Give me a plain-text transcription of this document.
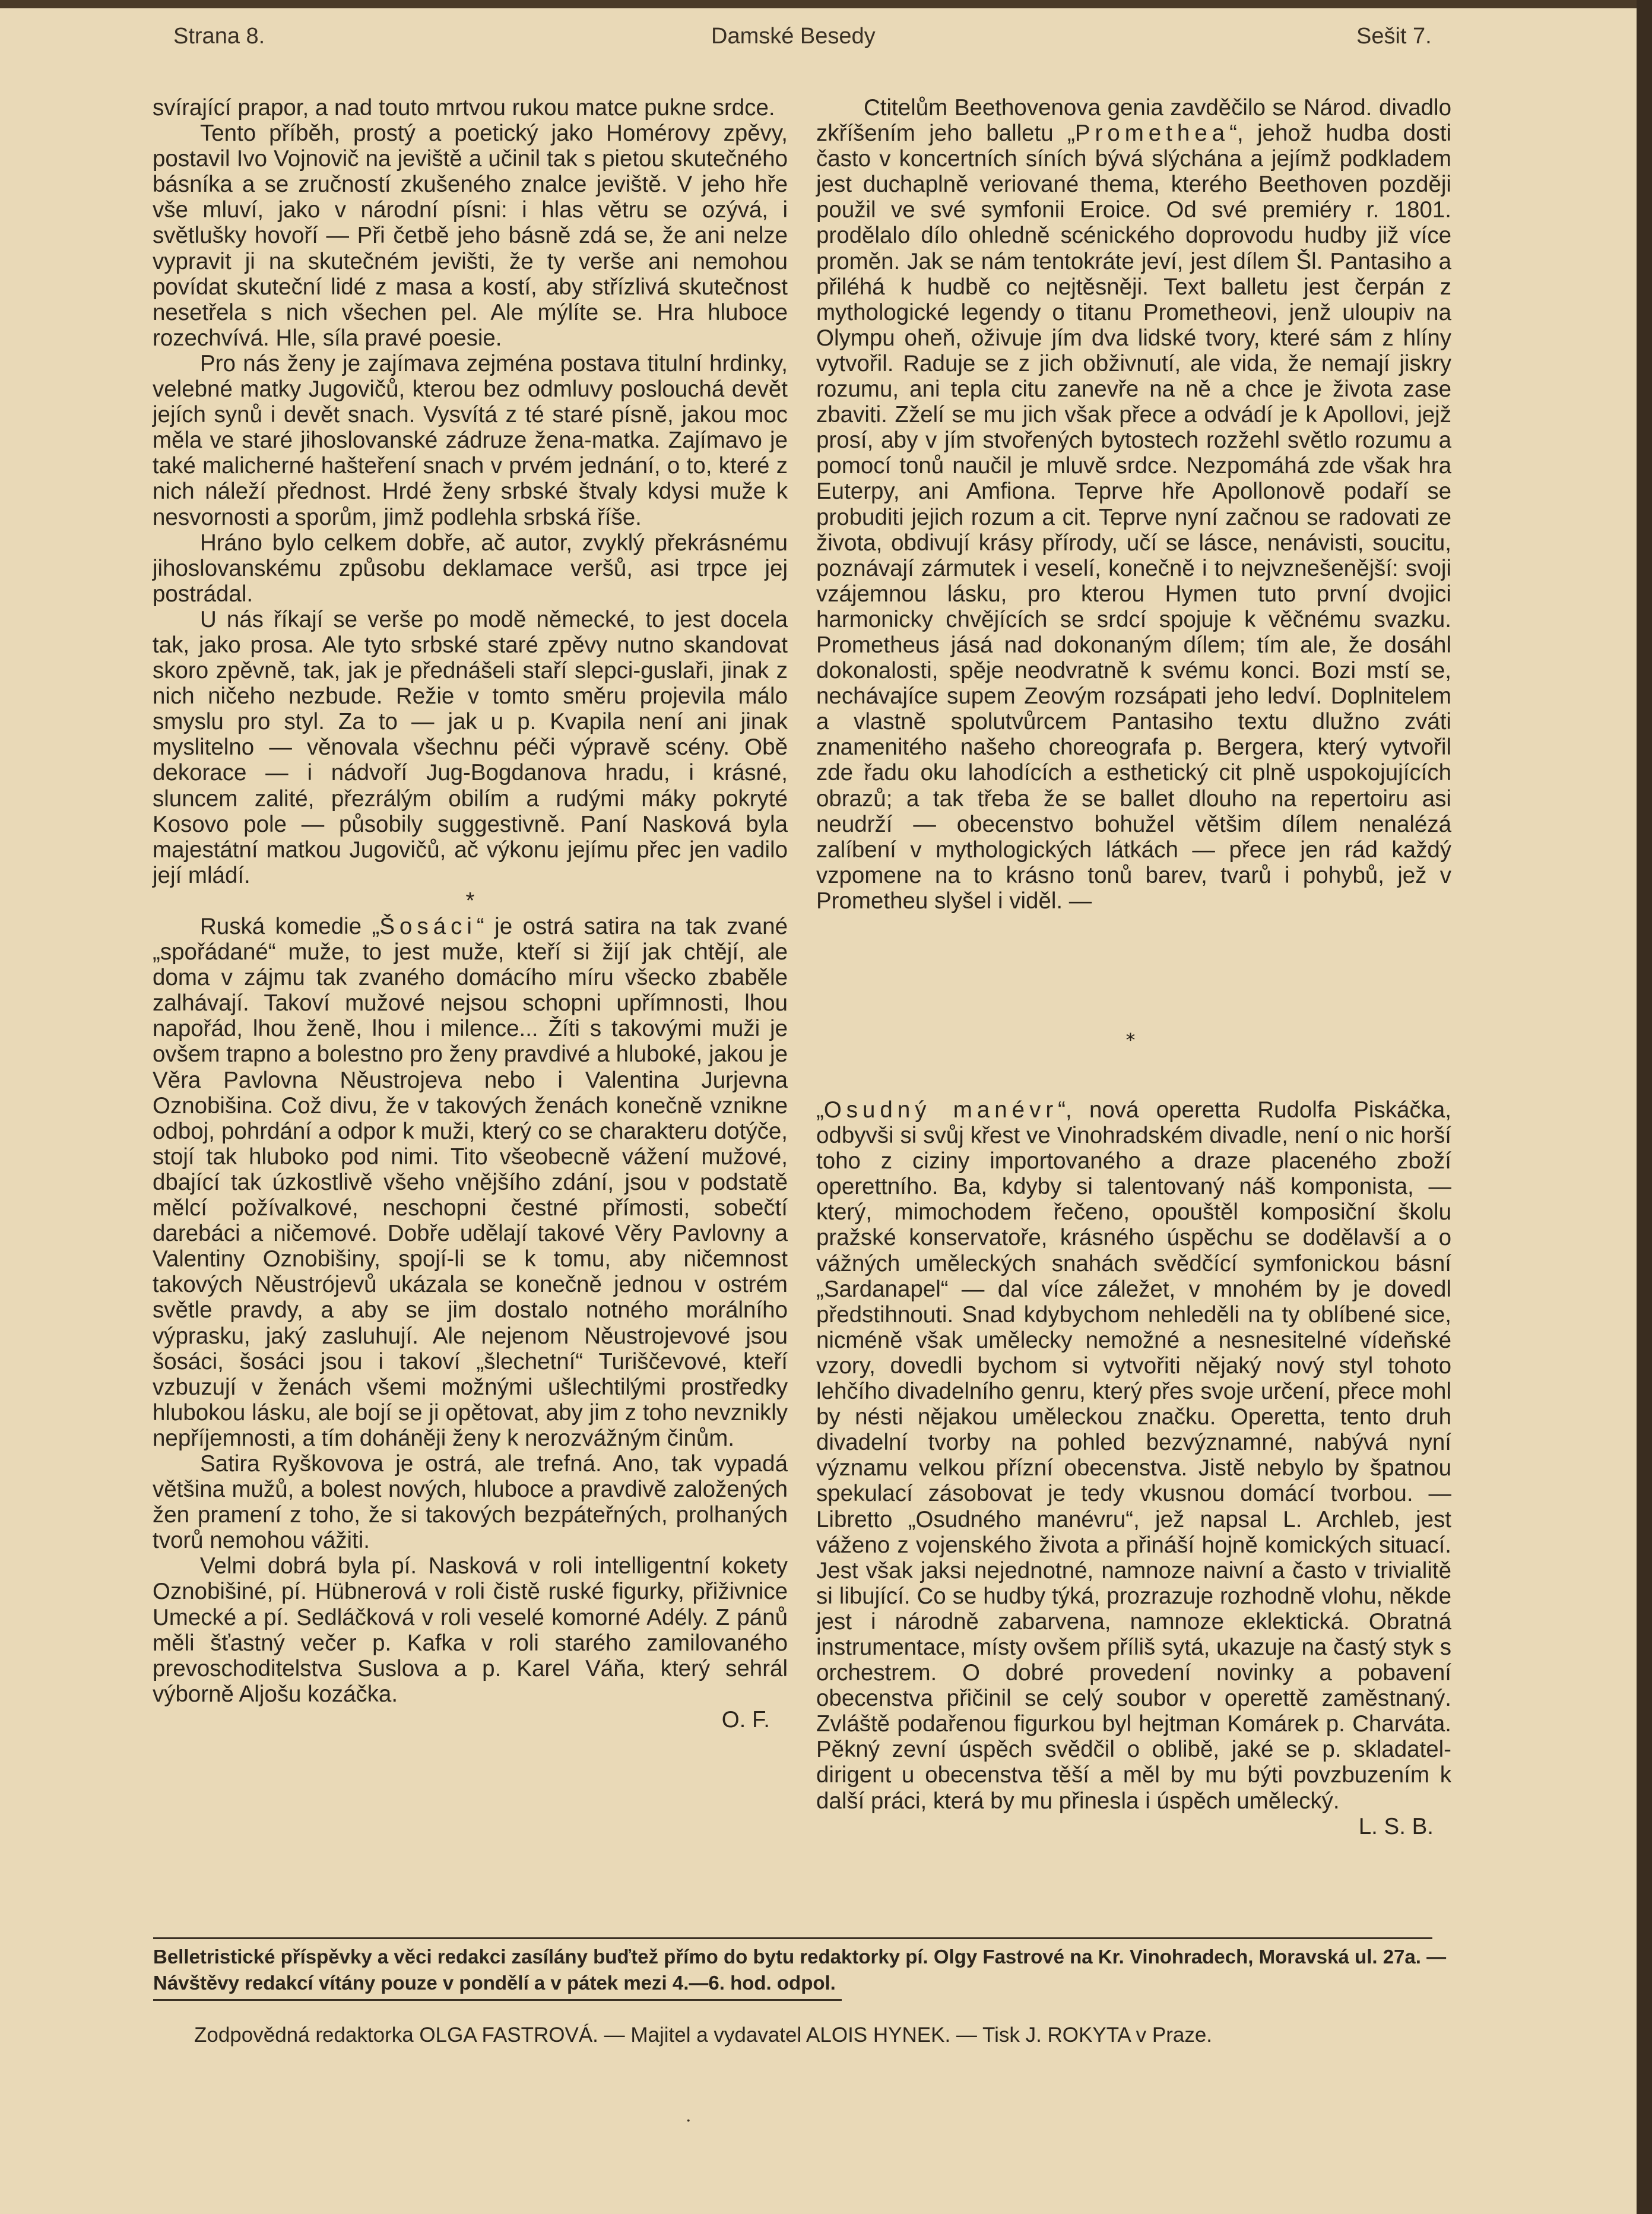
Strana 8.	Damské Besedy	Sešit 7.

svírající prapor, a nad touto mrtvou rukou matce pukne srdce.

Tento příběh, prostý a poetický jako Homérovy zpěvy, postavil Ivo Vojnovič na jeviště a učinil tak s pietou skutečného básníka a se zručností zkušeného znalce jeviště. V jeho hře vše mluví, jako v národní písni: i hlas větru se ozývá, i světlušky hovoří — Při četbě jeho básně zdá se, že ani nelze vypravit ji na skutečném jevišti, že ty verše ani nemohou povídat skuteční lidé z masa a kostí, aby střízlivá skutečnost nesetřela s nich všechen pel. Ale mýlíte se. Hra hluboce rozechvívá. Hle, síla pravé poesie.

Pro nás ženy je zajímava zejména postava titulní hrdinky, velebné matky Jugovičů, kterou bez odmluvy poslouchá devět jejích synů i devět snach. Vysvítá z té staré písně, jakou moc měla ve staré jihoslovanské zádruze žena-matka. Zajímavo je také malicherné hašteření snach v prvém jednání, o to, které z nich náleží přednost. Hrdé ženy srbské štvaly kdysi muže k nesvornosti a sporům, jimž podlehla srbská říše.

Hráno bylo celkem dobře, ač autor, zvyklý překrásnému jihoslovanskému způsobu deklamace veršů, asi trpce jej postrádal.

U nás říkají se verše po modě německé, to jest docela tak, jako prosa. Ale tyto srbské staré zpěvy nutno skandovat skoro zpěvně, tak, jak je přednášeli staří slepci-guslaři, jinak z nich ničeho nezbude. Režie v tomto směru projevila málo smyslu pro styl. Za to — jak u p. Kvapila není ani jinak myslitelno — věnovala všechnu péči výpravě scény. Obě dekorace — i nádvoří Jug-Bogdanova hradu, i krásné, sluncem zalité, přezrálým obilím a rudými máky pokryté Kosovo pole — působily suggestivně. Paní Nasková byla majestátní matkou Jugovičů, ač výkonu jejímu přec jen vadilo její mládí.

*

Ruská komedie „Šosáci“ je ostrá satira na tak zvané „spořádané“ muže, to jest muže, kteří si žijí jak chtějí, ale doma v zájmu tak zvaného domácího míru všecko zbaběle zalhávají. Takoví mužové nejsou schopni upřímnosti, lhou napořád, lhou ženě, lhou i milence... Žíti s takovými muži je ovšem trapno a bolestno pro ženy pravdivé a hluboké, jakou je Věra Pavlovna Něustrojeva nebo i Valentina Jurjevna Oznobišina. Což divu, že v takových ženách konečně vznikne odboj, pohrdání a odpor k muži, který co se charakteru dotýče, stojí tak hluboko pod nimi. Tito všeobecně vážení mužové, dbající tak úzkostlivě všeho vnějšího zdání, jsou v podstatě mělcí požívalkové, neschopni čestné přímosti, sobečtí darebáci a ničemové. Dobře udělají takové Věry Pavlovny a Valentiny Oznobišiny, spojí-li se k tomu, aby ničemnost takových Něustrójevů ukázala se konečně jednou v ostrém světle pravdy, a aby se jim dostalo notného morálního výprasku, jaký zasluhují. Ale nejenom Něustrojevové jsou šosáci, šosáci jsou i takoví „šlechetní“ Turiščevové, kteří vzbuzují v ženách všemi možnými ušlechtilými prostředky hlubokou lásku, ale bojí se ji opětovat, aby jim z toho nevznikly nepříjemnosti, a tím doháněji ženy k nerozvážným činům.

Satira Ryškovova je ostrá, ale trefná. Ano, tak vypadá většina mužů, a bolest nových, hluboce a pravdivě založených žen pramení z toho, že si takových bezpáteřných, prolhaných tvorů nemohou vážiti.

Velmi dobrá byla pí. Nasková v roli intelligentní kokety Oznobišiné, pí. Hübnerová v roli čistě ruské figurky, přiživnice Umecké a pí. Sedláčková v roli veselé komorné Adély. Z pánů měli šťastný večer p. Kafka v roli starého zamilovaného prevoschoditelstva Suslova a p. Karel Váňa, který sehrál výborně Aljošu kozáčka.

O. F.

Ctitelům Beethovenova genia zavděčilo se Národ. divadlo zkříšením jeho balletu „Promethea“, jehož hudba dosti často v koncertních síních bývá slýchána a jejímž podkladem jest duchaplně veriované thema, kterého Beethoven později použil ve své symfonii Eroice. Od své premiéry r. 1801. prodělalo dílo ohledně scénického doprovodu hudby již více proměn. Jak se nám tentokráte jeví, jest dílem Šl. Pantasiho a přiléhá k hudbě co nejtěsněji. Text balletu jest čerpán z mythologické legendy o titanu Prometheovi, jenž uloupiv na Olympu oheň, oživuje jím dva lidské tvory, které sám z hlíny vytvořil. Raduje se z jich obživnutí, ale vida, že nemají jiskry rozumu, ani tepla citu zanevře na ně a chce je života zase zbaviti. Zželí se mu jich však přece a odvádí je k Apollovi, jejž prosí, aby v jím stvořených bytostech rozžehl světlo rozumu a pomocí tonů naučil je mluvě srdce. Nezpomáhá zde však hra Euterpy, ani Amfiona. Teprve hře Apollonově podaří se probuditi jejich rozum a cit. Teprve nyní začnou se radovati ze života, obdivují krásy přírody, učí se lásce, nenávisti, soucitu, poznávají zármutek i veselí, konečně i to nejvznešenější: svoji vzájemnou lásku, pro kterou Hymen tuto první dvojici harmonicky chvějících se srdcí spojuje k věčnému svazku. Prometheus jásá nad dokonaným dílem; tím ale, že dosáhl dokonalosti, spěje neodvratně k svému konci. Bozi mstí se, nechávajíce supem Zeovým rozsápati jeho ledví. Doplnitelem a vlastně spolutvůrcem Pantasiho textu dlužno zváti znamenitého našeho choreografa p. Bergera, který vytvořil zde řadu oku lahodících a esthetický cit plně uspokojujících obrazů; a tak třeba že se ballet dlouho na repertoiru asi neudrží — obecenstvo bohužel většim dílem nenalézá zalíbení v mythologických látkách — přece jen rád každý vzpomene na to krásno tonů barev, tvarů i pohybů, jež v Prometheu slyšel i viděl. —

*

„Osudný manévr“, nová operetta Rudolfa Piskáčka, odbyvši si svůj křest ve Vinohradském divadle, není o nic horší toho z ciziny importovaného a draze placeného zboží operettního. Ba, kdyby si talentovaný náš komponista, — který, mimochodem řečeno, opouštěl komposiční školu pražské konservatoře, krásného úspěchu se dodělavší a o vážných uměleckých snahách svědčící symfonickou básní „Sardanapel“ — dal více záležet, v mnohém by je dovedl předstihnouti. Snad kdybychom nehleděli na ty oblíbené sice, nicméně však umělecky nemožné a nesnesitelné vídeňské vzory, dovedli bychom si vytvořiti nějaký nový styl tohoto lehčího divadelního genru, který přes svoje určení, přece mohl by nésti nějakou uměleckou značku. Operetta, tento druh divadelní tvorby na pohled bezvýznamné, nabývá nyní významu velkou přízní obecenstva. Jistě nebylo by špatnou spekulací zásobovat je tedy vkusnou domácí tvorbou. — Libretto „Osudného manévru“, jež napsal L. Archleb, jest váženo z vojenského života a přináší hojně komických situací. Jest však jaksi nejednotné, namnoze naivní a často v trivialitě si libující. Co se hudby týká, prozrazuje rozhodně vlohu, někde jest i národně zabarvena, namnoze eklektická. Obratná instrumentace, místy ovšem příliš sytá, ukazuje na častý styk s orchestrem. O dobré provedení novinky a pobavení obecenstva přičinil se celý soubor v operettě zaměstnaný. Zvláště podařenou figurkou byl hejtman Komárek p. Charváta. Pěkný zevní úspěch svědčil o oblibě, jaké se p. skladatel-dirigent u obecenstva těší a měl by mu býti povzbuzením k další práci, která by mu přinesla i úspěch umělecký.

L. S. B.

Belletristické příspěvky a věci redakci zasílány buďtež přímo do bytu redaktorky pí. Olgy Fastrové na Kr. Vinohradech, Moravská ul. 27a. — Návštěvy redakcí vítány pouze v pondělí a v pátek mezi 4.—6. hod. odpol.
Zodpovědná redaktorka OLGA FASTROVÁ. — Majitel a vydavatel ALOIS HYNEK. — Tisk J. ROKYTA v Praze.
·
